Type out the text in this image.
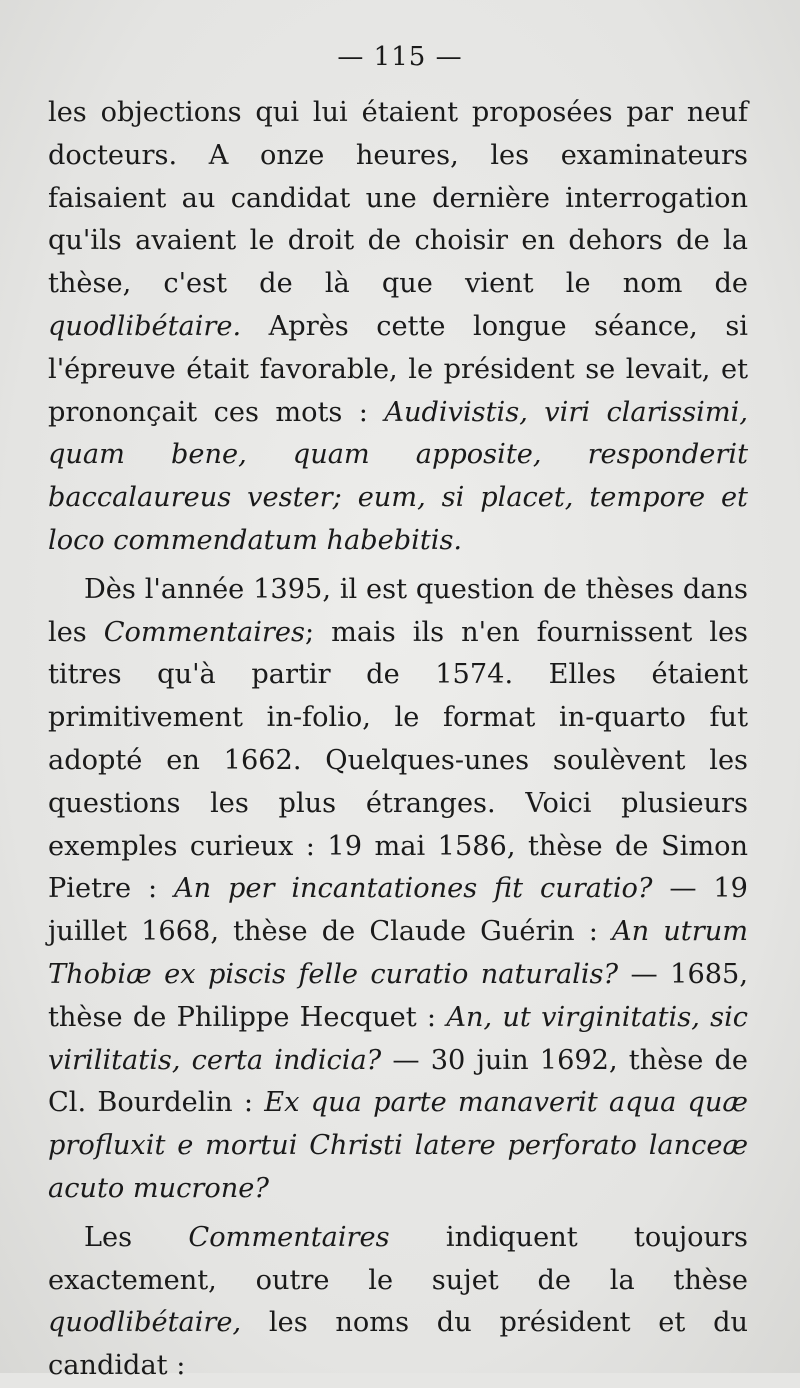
— 115 —

les objections qui lui étaient proposées par neuf docteurs. A onze heures, les examinateurs faisaient au candidat une dernière interrogation qu'ils avaient le droit de choisir en dehors de la thèse, c'est de là que vient le nom de quodlibétaire. Après cette longue séance, si l'épreuve était favorable, le président se levait, et prononçait ces mots : Audivistis, viri clarissimi, quam bene, quam apposite, responderit baccalaureus vester; eum, si placet, tempore et loco commendatum habebitis.

Dès l'année 1395, il est question de thèses dans les Commentaires; mais ils n'en fournissent les titres qu'à partir de 1574. Elles étaient primitivement in-folio, le format in-quarto fut adopté en 1662. Quelques-unes soulèvent les questions les plus étranges. Voici plusieurs exemples curieux : 19 mai 1586, thèse de Simon Pietre : An per incantationes fit curatio? — 19 juillet 1668, thèse de Claude Guérin : An utrum Thobiæ ex piscis felle curatio naturalis? — 1685, thèse de Philippe Hecquet : An, ut virginitatis, sic virilitatis, certa indicia? — 30 juin 1692, thèse de Cl. Bourdelin : Ex qua parte manaverit aqua quæ profluxit e mortui Christi latere perforato lanceæ acuto mucrone?

Les Commentaires indiquent toujours exactement, outre le sujet de la thèse quodlibétaire, les noms du président et du candidat :
